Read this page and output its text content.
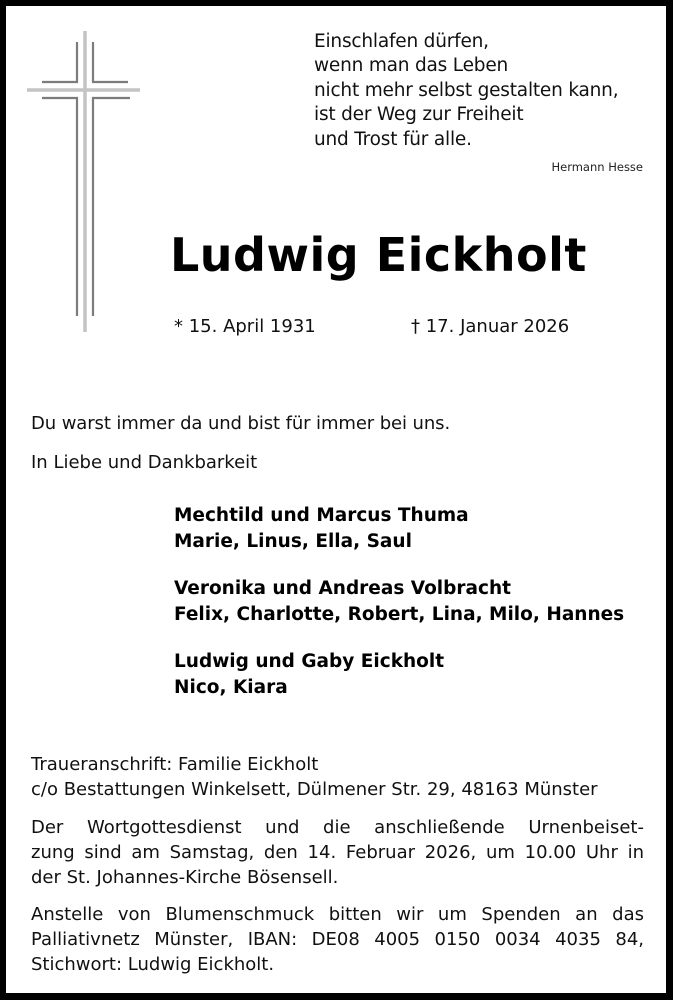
Einschlafen dürfen,
wenn man das Leben
nicht mehr selbst gestalten kann,
ist der Weg zur Freiheit
und Trost für alle.
Hermann Hesse
Ludwig Eickholt
* 15. April 1931	† 17. Januar 2026
Du warst immer da und bist für immer bei uns.
In Liebe und Dankbarkeit
Mechtild und Marcus Thuma
Marie, Linus, Ella, Saul
Veronika und Andreas Volbracht
Felix, Charlotte, Robert, Lina, Milo, Hannes
Ludwig und Gaby Eickholt
Nico, Kiara
Traueranschrift: Familie Eickholt
c/o Bestattungen Winkelsett, Dülmener Str. 29, 48163 Münster
Der Wortgottesdienst und die anschließende Urnenbeiset-
zung sind am Samstag, den 14. Februar 2026, um 10.00 Uhr in
der St. Johannes-Kirche Bösensell.
Anstelle von Blumenschmuck bitten wir um Spenden an das
Palliativnetz Münster, IBAN: DE08 4005 0150 0034 4035 84,
Stichwort: Ludwig Eickholt.
